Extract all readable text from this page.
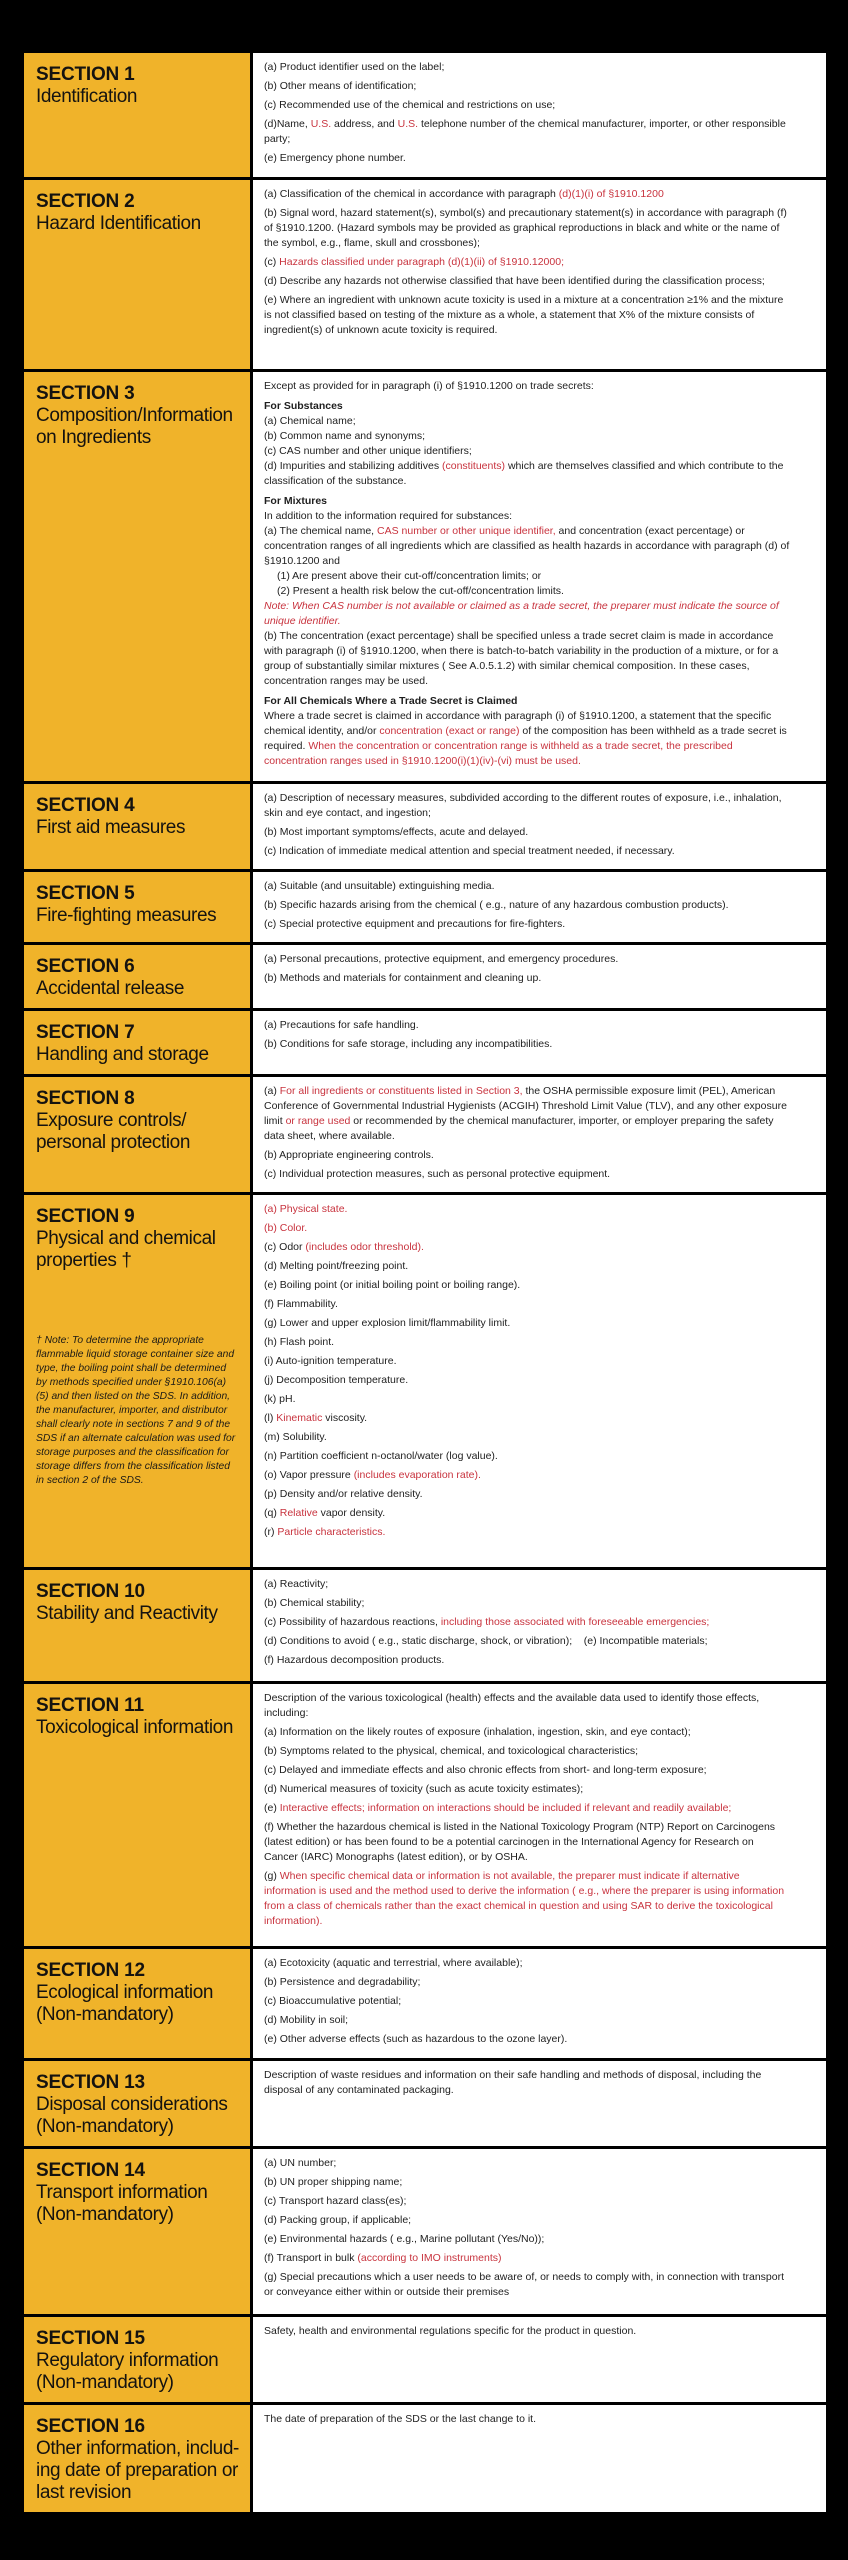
SECTION 1
Identification
(a) Product identifier used on the label;
(b) Other means of identification;
(c) Recommended use of the chemical and restrictions on use;
(d)Name, U.S. address, and U.S. telephone number of the chemical manufacturer, importer, or other responsible party;
(e) Emergency phone number.
SECTION 2
Hazard Identification
(a) Classification of the chemical in accordance with paragraph (d)(1)(i) of §1910.1200
(b) Signal word, hazard statement(s), symbol(s) and precautionary statement(s) in accordance with paragraph (f) of §1910.1200. (Hazard symbols may be provided as graphical reproductions in black and white or the name of the symbol, e.g., flame, skull and crossbones);
(c) Hazards classified under paragraph (d)(1)(ii) of §1910.12000;
(d) Describe any hazards not otherwise classified that have been identified during the classification process;
(e) Where an ingredient with unknown acute toxicity is used in a mixture at a concentration ≥1% and the mixture is not classified based on testing of the mixture as a whole, a statement that X% of the mixture consists of ingredient(s) of unknown acute toxicity is required.
SECTION 3
Composition/Information
on Ingredients
Except as provided for in paragraph (i) of §1910.1200 on trade secrets:
For Substances
(a) Chemical name;
(b) Common name and synonyms;
(c) CAS number and other unique identifiers;
(d) Impurities and stabilizing additives (constituents) which are themselves classified and which contribute to the classification of the substance.
For Mixtures
In addition to the information required for substances:
(a) The chemical name, CAS number or other unique identifier, and concentration (exact percentage) or concentration ranges of all ingredients which are classified as health hazards in accordance with paragraph (d) of §1910.1200 and
(1) Are present above their cut-off/concentration limits; or
(2) Present a health risk below the cut-off/concentration limits.
Note: When CAS number is not available or claimed as a trade secret, the preparer must indicate the source of unique identifier.
(b) The concentration (exact percentage) shall be specified unless a trade secret claim is made in accordance with paragraph (i) of §1910.1200, when there is batch-to-batch variability in the production of a mixture, or for a group of substantially similar mixtures ( See A.0.5.1.2) with similar chemical composition. In these cases, concentration ranges may be used.
For All Chemicals Where a Trade Secret is Claimed
Where a trade secret is claimed in accordance with paragraph (i) of §1910.1200, a statement that the specific chemical identity, and/or concentration (exact or range) of the composition has been withheld as a trade secret is required. When the concentration or concentration range is withheld as a trade secret, the prescribed concentration ranges used in §1910.1200(i)(1)(iv)-(vi) must be used.
SECTION 4
First aid measures
(a) Description of necessary measures, subdivided according to the different routes of exposure, i.e., inhalation, skin and eye contact, and ingestion;
(b) Most important symptoms/effects, acute and delayed.
(c) Indication of immediate medical attention and special treatment needed, if necessary.
SECTION 5
Fire-fighting measures
(a) Suitable (and unsuitable) extinguishing media.
(b) Specific hazards arising from the chemical ( e.g., nature of any hazardous combustion products).
(c) Special protective equipment and precautions for fire-fighters.
SECTION 6
Accidental release
(a) Personal precautions, protective equipment, and emergency procedures.
(b) Methods and materials for containment and cleaning up.
SECTION 7
Handling and storage
(a) Precautions for safe handling.
(b) Conditions for safe storage, including any incompatibilities.
SECTION 8
Exposure controls/
personal protection
(a) For all ingredients or constituents listed in Section 3, the OSHA permissible exposure limit (PEL), American Conference of Governmental Industrial Hygienists (ACGIH) Threshold Limit Value (TLV), and any other exposure limit or range used or recommended by the chemical manufacturer, importer, or employer preparing the safety data sheet, where available.
(b) Appropriate engineering controls.
(c) Individual protection measures, such as personal protective equipment.
SECTION 9
Physical and chemical
properties †
† Note: To determine the appropriate flammable liquid storage container size and type, the boiling point shall be determined by methods specified under §1910.106(a)(5) and then listed on the SDS. In addition, the manufacturer, importer, and distributor shall clearly note in sections 7 and 9 of the SDS if an alternate calculation was used for storage purposes and the classification for storage differs from the classification listed in section 2 of the SDS.
(a) Physical state.
(b) Color.
(c) Odor (includes odor threshold).
(d) Melting point/freezing point.
(e) Boiling point (or initial boiling point or boiling range).
(f) Flammability.
(g) Lower and upper explosion limit/flammability limit.
(h) Flash point.
(i) Auto-ignition temperature.
(j) Decomposition temperature.
(k) pH.
(l) Kinematic viscosity.
(m) Solubility.
(n) Partition coefficient n-octanol/water (log value).
(o) Vapor pressure (includes evaporation rate).
(p) Density and/or relative density.
(q) Relative vapor density.
(r) Particle characteristics.
SECTION 10
Stability and Reactivity
(a) Reactivity;
(b) Chemical stability;
(c) Possibility of hazardous reactions, including those associated with foreseeable emergencies;
(d) Conditions to avoid ( e.g., static discharge, shock, or vibration);    (e) Incompatible materials;
(f) Hazardous decomposition products.
SECTION 11
Toxicological information
Description of the various toxicological (health) effects and the available data used to identify those effects, including:
(a) Information on the likely routes of exposure (inhalation, ingestion, skin, and eye contact);
(b) Symptoms related to the physical, chemical, and toxicological characteristics;
(c) Delayed and immediate effects and also chronic effects from short- and long-term exposure;
(d) Numerical measures of toxicity (such as acute toxicity estimates);
(e) Interactive effects; information on interactions should be included if relevant and readily available;
(f) Whether the hazardous chemical is listed in the National Toxicology Program (NTP) Report on Carcinogens (latest edition) or has been found to be a potential carcinogen in the International Agency for Research on Cancer (IARC) Monographs (latest edition), or by OSHA.
(g) When specific chemical data or information is not available, the preparer must indicate if alternative information is used and the method used to derive the information ( e.g., where the preparer is using information from a class of chemicals rather than the exact chemical in question and using SAR to derive the toxicological information).
SECTION 12
Ecological information
(Non-mandatory)
(a) Ecotoxicity (aquatic and terrestrial, where available);
(b) Persistence and degradability;
(c) Bioaccumulative potential;
(d) Mobility in soil;
(e) Other adverse effects (such as hazardous to the ozone layer).
SECTION 13
Disposal considerations
(Non-mandatory)
Description of waste residues and information on their safe handling and methods of disposal, including the disposal of any contaminated packaging.
SECTION 14
Transport information
(Non-mandatory)
(a) UN number;
(b) UN proper shipping name;
(c) Transport hazard class(es);
(d) Packing group, if applicable;
(e) Environmental hazards ( e.g., Marine pollutant (Yes/No));
(f) Transport in bulk (according to IMO instruments)
(g) Special precautions which a user needs to be aware of, or needs to comply with, in connection with transport or conveyance either within or outside their premises
SECTION 15
Regulatory information
(Non-mandatory)
Safety, health and environmental regulations specific for the product in question.
SECTION 16
Other information, includ-
ing date of preparation or
last revision
The date of preparation of the SDS or the last change to it.
